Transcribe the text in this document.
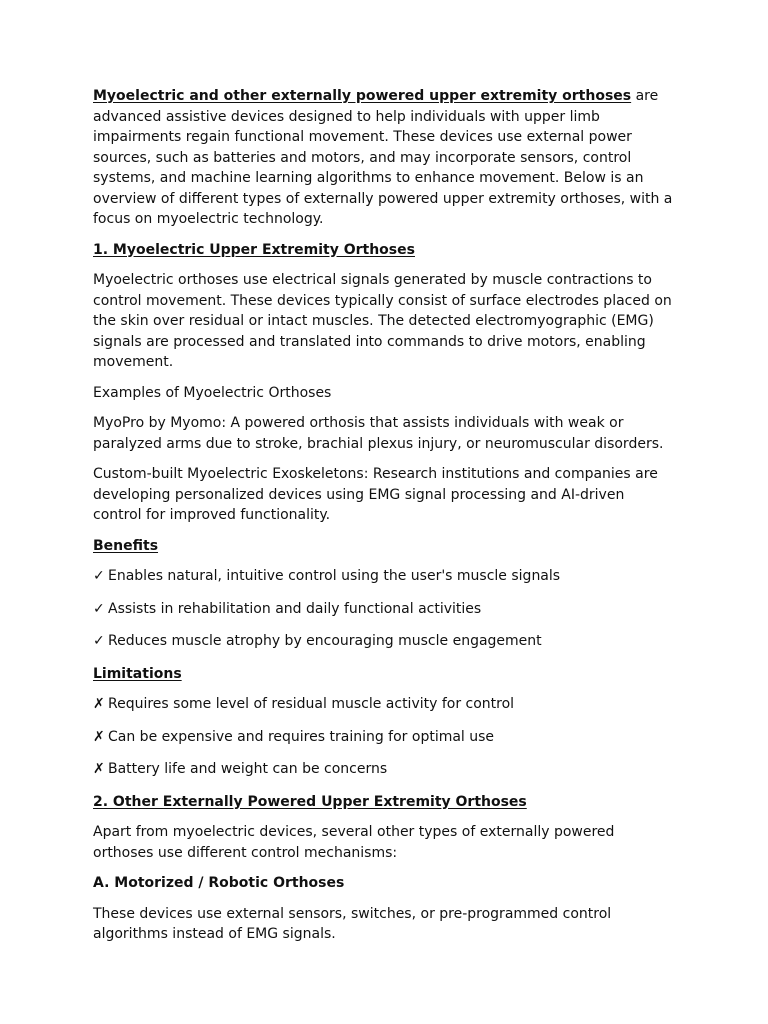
Myoelectric and other externally powered upper extremity orthoses are advanced assistive devices designed to help individuals with upper limb impairments regain functional movement. These devices use external power sources, such as batteries and motors, and may incorporate sensors, control systems, and machine learning algorithms to enhance movement. Below is an overview of different types of externally powered upper extremity orthoses, with a focus on myoelectric technology.

1. Myoelectric Upper Extremity Orthoses

Myoelectric orthoses use electrical signals generated by muscle contractions to control movement. These devices typically consist of surface electrodes placed on the skin over residual or intact muscles. The detected electromyographic (EMG) signals are processed and translated into commands to drive motors, enabling movement.

Examples of Myoelectric Orthoses

MyoPro by Myomo: A powered orthosis that assists individuals with weak or paralyzed arms due to stroke, brachial plexus injury, or neuromuscular disorders.

Custom-built Myoelectric Exoskeletons: Research institutions and companies are developing personalized devices using EMG signal processing and AI-driven control for improved functionality.

Benefits

✓ Enables natural, intuitive control using the user's muscle signals

✓ Assists in rehabilitation and daily functional activities

✓ Reduces muscle atrophy by encouraging muscle engagement

Limitations

✗ Requires some level of residual muscle activity for control

✗ Can be expensive and requires training for optimal use

✗ Battery life and weight can be concerns

2. Other Externally Powered Upper Extremity Orthoses

Apart from myoelectric devices, several other types of externally powered orthoses use different control mechanisms:

A. Motorized / Robotic Orthoses

These devices use external sensors, switches, or pre-programmed control algorithms instead of EMG signals.
